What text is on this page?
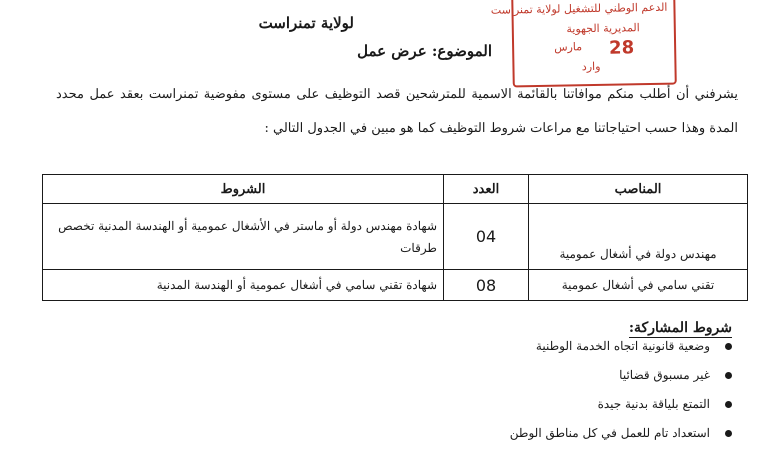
الدعم الوطني للتشغيل لولاية تمنراست
المديرية الجهوية
28
مارس
وارد
لولاية تمنراست
الموضوع: عرض عمل

يشرفني أن أطلب منكم موافاتنا بالقائمة الاسمية للمترشحين قصد التوظيف على مستوى مفوضية تمنراست بعقد عمل محدد المدة وهذا حسب احتياجاتنا مع مراعات شروط التوظيف كما هو مبين في الجدول التالي :

المناصب	العدد	الشروط
مهندس دولة في أشغال عمومية	04	شهادة مهندس دولة أو ماستر في الأشغال عمومية أو الهندسة المدنية تخصص طرقات
تقني سامي في أشغال عمومية	08	شهادة تقني سامي في أشغال عمومية أو الهندسة المدنية
شروط المشاركة:
وضعية قانونية اتجاه الخدمة الوطنية
غير مسبوق قضائيا
التمتع بلياقة بدنية جيدة
استعداد تام للعمل في كل مناطق الوطن
